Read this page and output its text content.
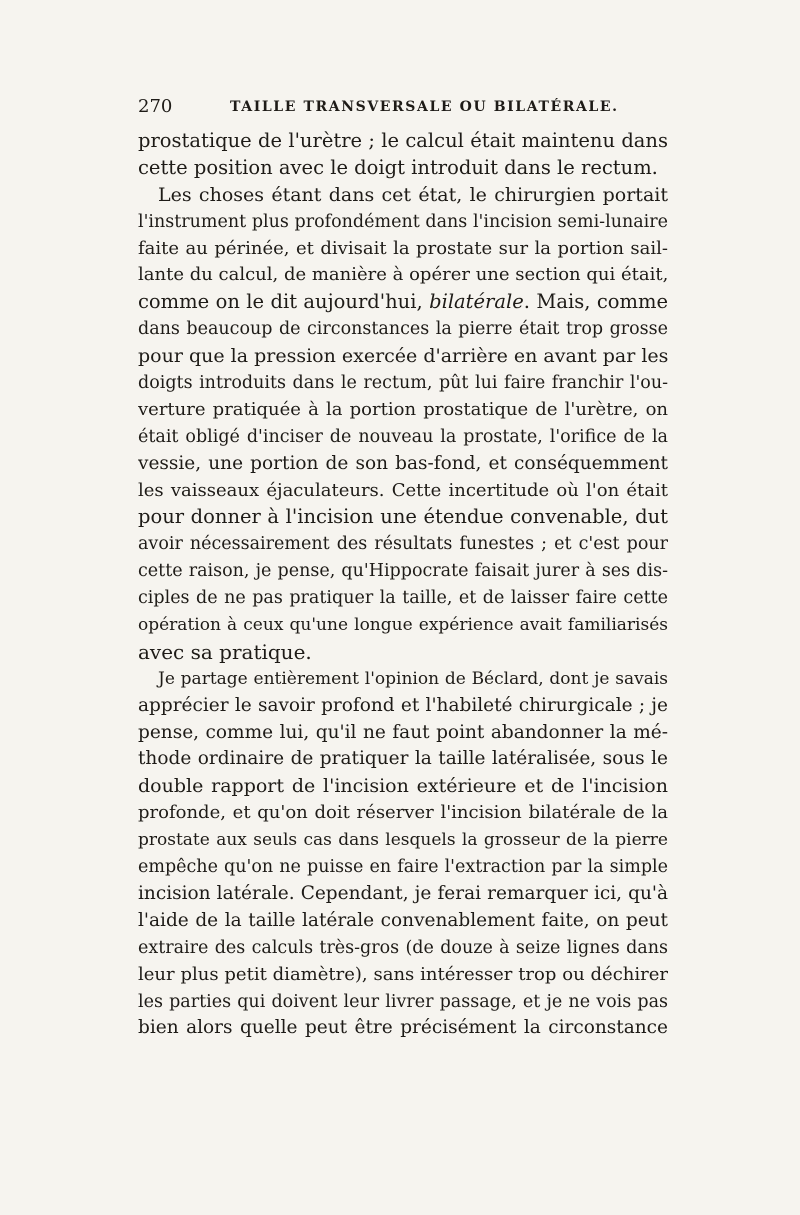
270	TAILLE TRANSVERSALE OU BILATÉRALE.
prostatique de l'urètre ; le calcul était maintenu dans
cette position avec le doigt introduit dans le rectum.
Les choses étant dans cet état, le chirurgien portait
l'instrument plus profondément dans l'incision semi-lunaire
faite au périnée, et divisait la prostate sur la portion sail-
lante du calcul, de manière à opérer une section qui était,
comme on le dit aujourd'hui, bilatérale. Mais, comme
dans beaucoup de circonstances la pierre était trop grosse
pour que la pression exercée d'arrière en avant par les
doigts introduits dans le rectum, pût lui faire franchir l'ou-
verture pratiquée à la portion prostatique de l'urètre, on
était obligé d'inciser de nouveau la prostate, l'orifice de la
vessie, une portion de son bas-fond, et conséquemment
les vaisseaux éjaculateurs. Cette incertitude où l'on était
pour donner à l'incision une étendue convenable, dut
avoir nécessairement des résultats funestes ; et c'est pour
cette raison, je pense, qu'Hippocrate faisait jurer à ses dis-
ciples de ne pas pratiquer la taille, et de laisser faire cette
opération à ceux qu'une longue expérience avait familiarisés
avec sa pratique.
Je partage entièrement l'opinion de Béclard, dont je savais
apprécier le savoir profond et l'habileté chirurgicale ; je
pense, comme lui, qu'il ne faut point abandonner la mé-
thode ordinaire de pratiquer la taille latéralisée, sous le
double rapport de l'incision extérieure et de l'incision
profonde, et qu'on doit réserver l'incision bilatérale de la
prostate aux seuls cas dans lesquels la grosseur de la pierre
empêche qu'on ne puisse en faire l'extraction par la simple
incision latérale. Cependant, je ferai remarquer ici, qu'à
l'aide de la taille latérale convenablement faite, on peut
extraire des calculs très-gros (de douze à seize lignes dans
leur plus petit diamètre), sans intéresser trop ou déchirer
les parties qui doivent leur livrer passage, et je ne vois pas
bien alors quelle peut être précisément la circonstance
